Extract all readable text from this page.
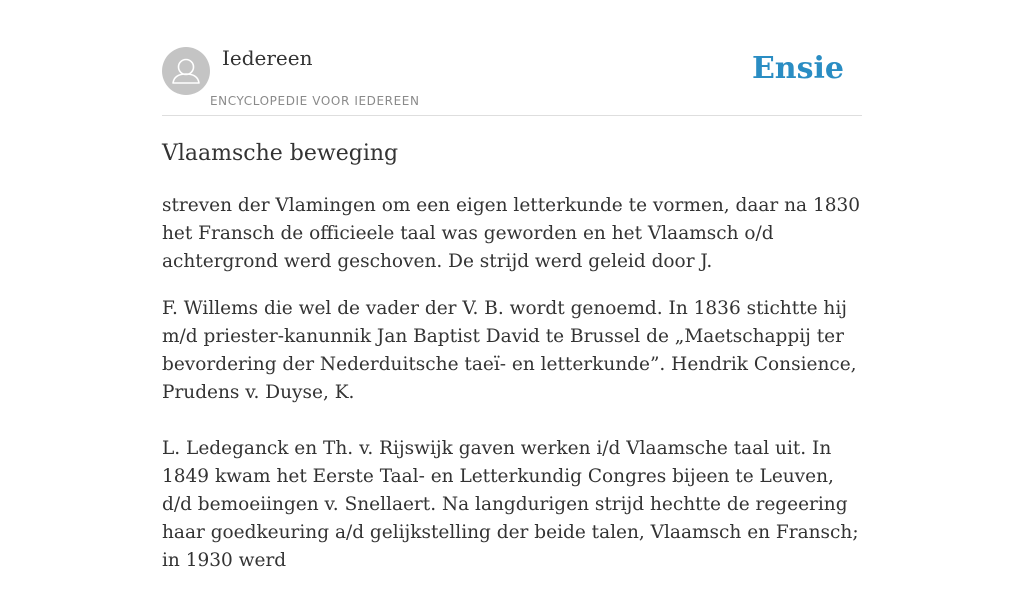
Iedereen
ENCYCLOPEDIE VOOR IEDEREEN
Ensie
Vlaamsche beweging

streven der Vlamingen om een eigen letterkunde te vormen, daar na 1830 het Fransch de officieele taal was geworden en het Vlaamsch o/d achtergrond werd geschoven. De strijd werd geleid door J.

F. Willems die wel de vader der V. B. wordt genoemd. In 1836 stichtte hij m/d priester-kanunnik Jan Baptist David te Brussel de „Maetschappij ter bevordering der Nederduitsche taeï- en letterkunde”. Hendrik Consience, Prudens v. Duyse, K.

L. Ledeganck en Th. v. Rijswijk gaven werken i/d Vlaamsche taal uit. In 1849 kwam het Eerste Taal- en Letterkundig Congres bijeen te Leuven, d/d bemoeiingen v. Snellaert. Na langdurigen strijd hechtte de regeering haar goedkeuring a/d gelijkstelling der beide talen, Vlaamsch en Fransch; in 1930 werd
